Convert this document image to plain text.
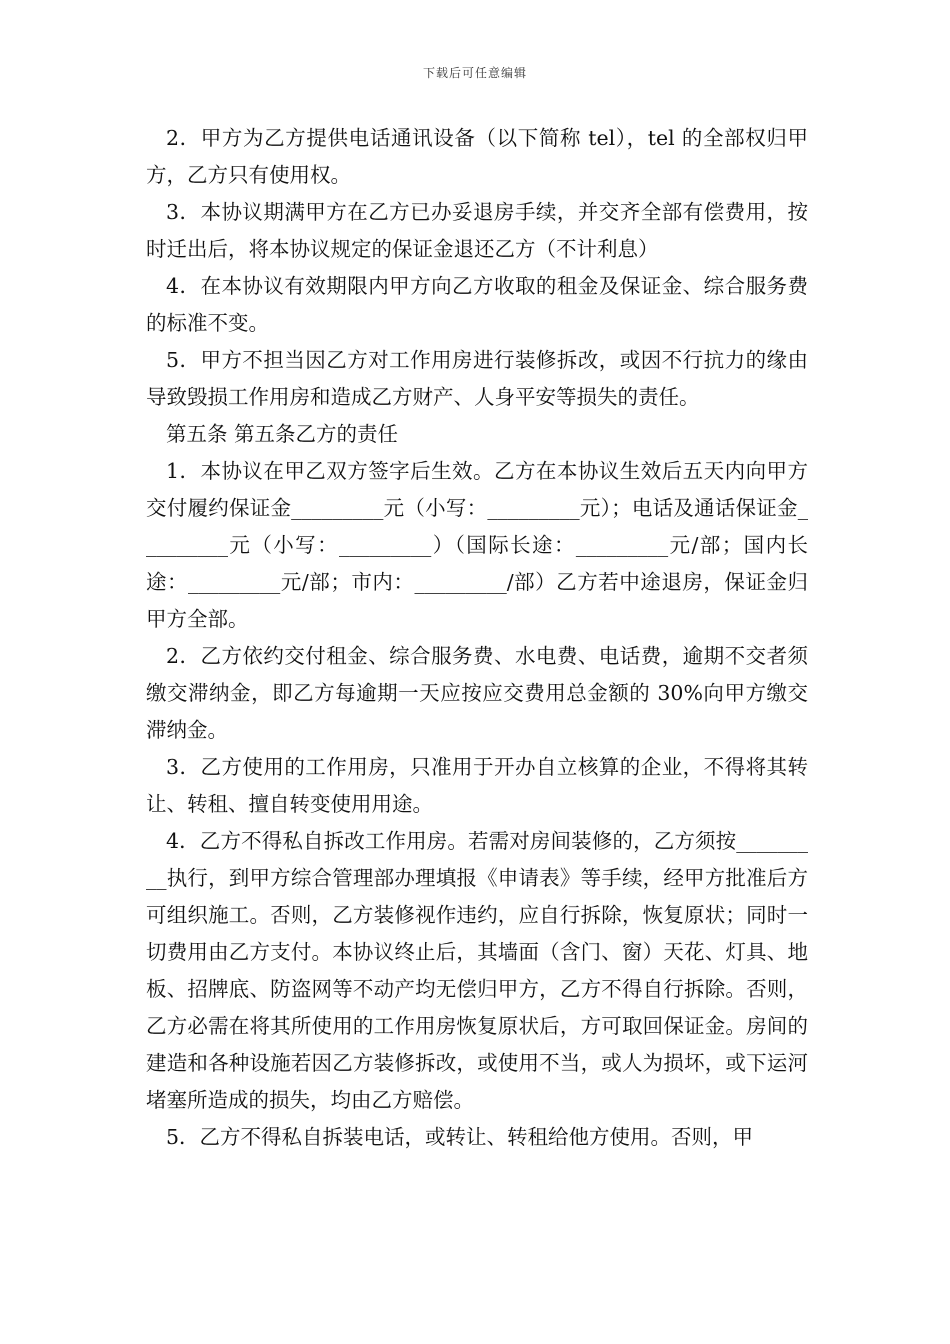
下载后可任意编辑

2．甲方为乙方提供电话通讯设备（以下简称 tel），tel 的全部权归甲方，乙方只有使用权。

3．本协议期满甲方在乙方已办妥退房手续，并交齐全部有偿费用，按时迁出后，将本协议规定的保证金退还乙方（不计利息）

4．在本协议有效期限内甲方向乙方收取的租金及保证金、综合服务费的标准不变。

5．甲方不担当因乙方对工作用房进行装修拆改，或因不行抗力的缘由导致毁损工作用房和造成乙方财产、人身平安等损失的责任。

第五条 第五条乙方的责任

1．本协议在甲乙双方签字后生效。乙方在本协议生效后五天内向甲方交付履约保证金_________元（小写：_________元）；电话及通话保证金_________元（小写：_________）（国际长途：_________元/部；国内长途：_________元/部；市内：_________/部）乙方若中途退房，保证金归甲方全部。

2．乙方依约交付租金、综合服务费、水电费、电话费，逾期不交者须缴交滞纳金，即乙方每逾期一天应按应交费用总金额的 30%向甲方缴交滞纳金。

3．乙方使用的工作用房，只准用于开办自立核算的企业，不得将其转让、转租、擅自转变使用用途。

4．乙方不得私自拆改工作用房。若需对房间装修的，乙方须按_________执行，到甲方综合管理部办理填报《申请表》等手续，经甲方批准后方可组织施工。否则，乙方装修视作违约，应自行拆除，恢复原状；同时一切费用由乙方支付。本协议终止后，其墙面（含门、窗）天花、灯具、地板、招牌底、防盗网等不动产均无偿归甲方，乙方不得自行拆除。否则，乙方必需在将其所使用的工作用房恢复原状后，方可取回保证金。房间的建造和各种设施若因乙方装修拆改，或使用不当，或人为损坏，或下运河堵塞所造成的损失，均由乙方赔偿。

5．乙方不得私自拆装电话，或转让、转租给他方使用。否则，甲
